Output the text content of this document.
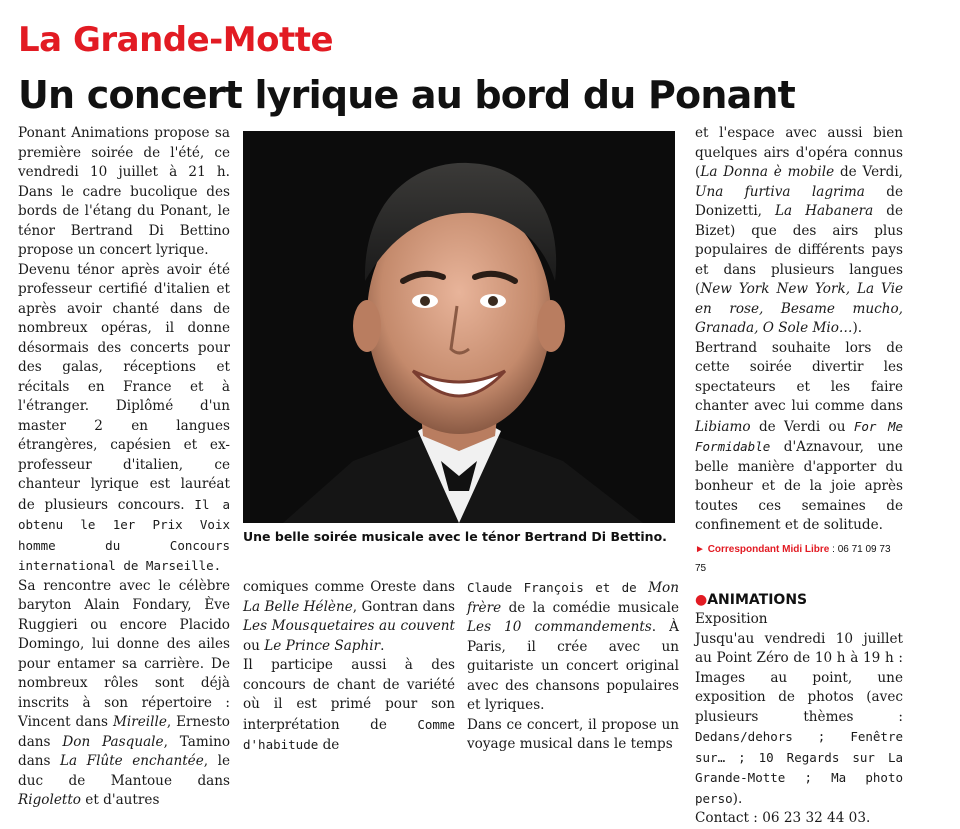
La Grande-Motte
Un concert lyrique au bord du Ponant

Ponant Animations propose sa première soirée de l'été, ce vendredi 10 juillet à 21 h. Dans le cadre bucolique des bords de l'étang du Ponant, le ténor Bertrand Di Bettino propose un concert lyrique.

Devenu ténor après avoir été professeur certifié d'italien et après avoir chanté dans de nombreux opéras, il donne désormais des concerts pour des galas, réceptions et récitals en France et à l'étranger. Diplômé d'un master 2 en langues étrangères, capésien et ex-professeur d'italien, ce chanteur lyrique est lauréat de plusieurs concours. Il a obtenu le 1er Prix Voix homme du Concours international de Marseille.

Sa rencontre avec le célèbre baryton Alain Fondary, Ève Ruggieri ou encore Placido Domingo, lui donne des ailes pour entamer sa carrière. De nombreux rôles sont déjà inscrits à son répertoire : Vincent dans Mireille, Ernesto dans Don Pasquale, Tamino dans La Flûte enchantée, le duc de Mantoue dans Rigoletto et d'autres

Une belle soirée musicale avec le ténor Bertrand Di Bettino.

comiques comme Oreste dans La Belle Hélène, Gontran dans Les Mousquetaires au couvent ou Le Prince Saphir.

Il participe aussi à des concours de chant de variété où il est primé pour son interprétation de Comme d'habitude de

Claude François et de Mon frère de la comédie musicale Les 10 commandements. À Paris, il crée avec un guitariste un concert original avec des chansons populaires et lyriques.

Dans ce concert, il propose un voyage musical dans le temps

et l'espace avec aussi bien quelques airs d'opéra connus (La Donna è mobile de Verdi, Una furtiva lagrima de Donizetti, La Habanera de Bizet) que des airs plus populaires de différents pays et dans plusieurs langues (New York New York, La Vie en rose, Besame mucho, Granada, O Sole Mio…).

Bertrand souhaite lors de cette soirée divertir les spectateurs et les faire chanter avec lui comme dans Libiamo de Verdi ou For Me Formidable d'Aznavour, une belle manière d'apporter du bonheur et de la joie après toutes ces semaines de confinement et de solitude.

► Correspondant Midi Libre : 06 71 09 73 75
●ANIMATIONS

Exposition

Jusqu'au vendredi 10 juillet au Point Zéro de 10 h à 19 h : Images au point, une exposition de photos (avec plusieurs thèmes : Dedans/dehors ; Fenêtre sur… ; 10 Regards sur La Grande-Motte ; Ma photo perso).

Contact : 06 23 32 44 03.
